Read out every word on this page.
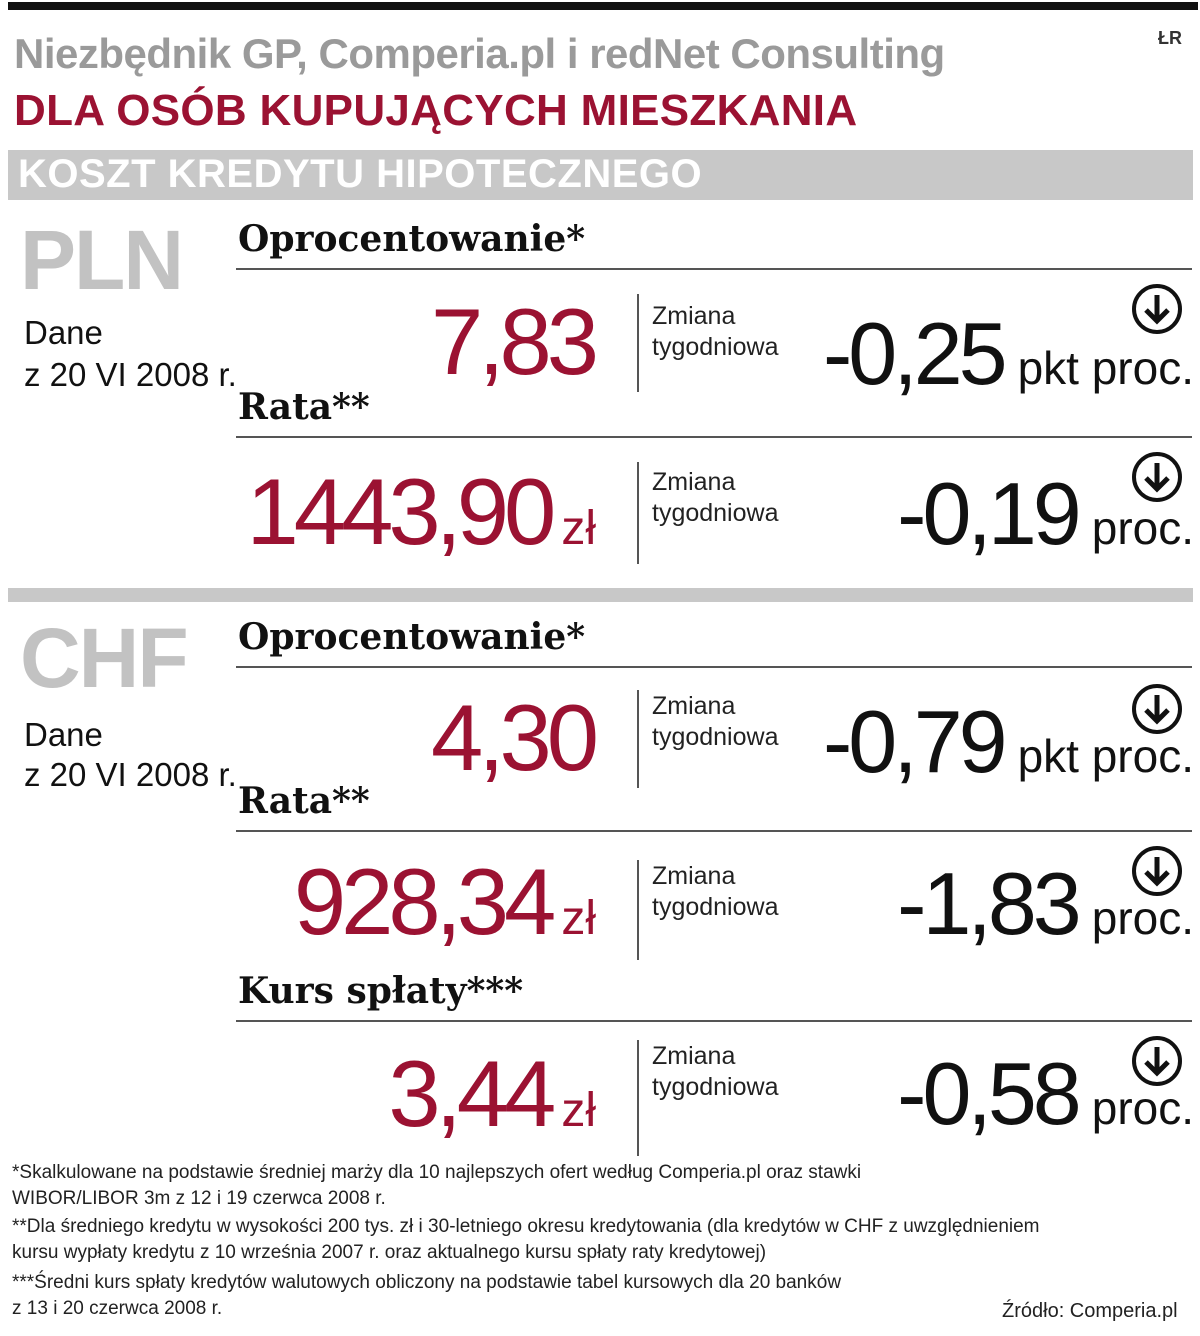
Niezbędnik GP, Comperia.pl i redNet Consulting	ŁR
DLA OSÓB KUPUJĄCYCH MIESZKANIA
KOSZT KREDYTU HIPOTECZNEGO
PLN
Dane
z 20 VI 2008 r.
Oprocentowanie*
7,83 Zmiana
tygodniowa -0,25 pkt proc.
Rata**
1443,90 zł
Zmiana
tygodniowa -0,19 proc.
CHF
Dane
z 20 VI 2008 r.
Oprocentowanie*
4,30 Zmiana
tygodniowa -0,79 pkt proc.
Rata**
928,34 zł
Zmiana
tygodniowa -1,83 proc.
Kurs spłaty***
3,44 zł
Zmiana
tygodniowa -0,58 proc.
*Skalkulowane na podstawie średniej marży dla 10 najlepszych ofert według Comperia.pl oraz stawki
WIBOR/LIBOR 3m z 12 i 19 czerwca 2008 r.
**Dla średniego kredytu w wysokości 200 tys. zł i 30-letniego okresu kredytowania (dla kredytów w CHF z uwzględnieniem
kursu wypłaty kredytu z 10 września 2007 r. oraz aktualnego kursu spłaty raty kredytowej)
***Średni kurs spłaty kredytów walutowych obliczony na podstawie tabel kursowych dla 20 banków
z 13 i 20 czerwca 2008 r.	Źródło: Comperia.pl
